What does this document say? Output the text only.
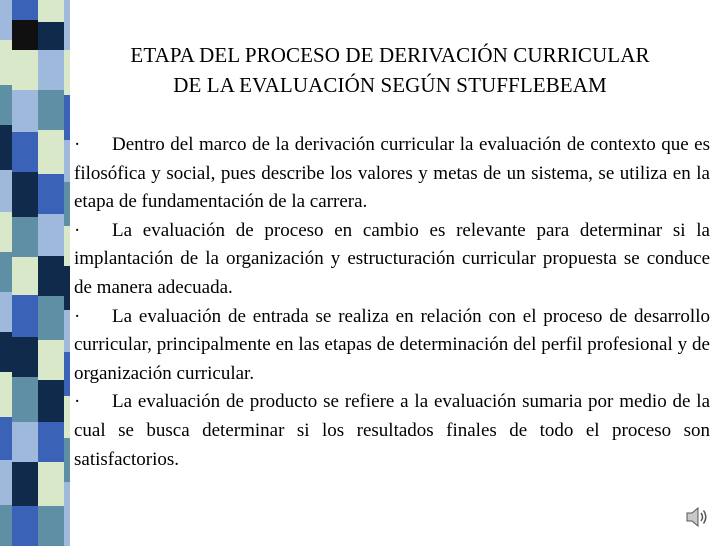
ETAPA DEL PROCESO DE DERIVACIÓN CURRICULAR
DE LA EVALUACIÓN SEGÚN STUFFLEBEAM

· Dentro del marco de la derivación curricular la evaluación de contexto que es filosófica y social, pues describe los valores y metas de un sistema, se utiliza en la etapa de fundamentación de la carrera.

· La evaluación de proceso en cambio es relevante para determinar si la implantación de la organización y estructuración curricular propuesta se conduce de manera adecuada.

· La evaluación de entrada se realiza en relación con el proceso de desarrollo curricular, principalmente en las etapas de determinación del perfil profesional y de organización curricular.

· La evaluación de producto se refiere a la evaluación sumaria por medio de la cual se busca determinar si los resultados finales de todo el proceso son satisfactorios.
